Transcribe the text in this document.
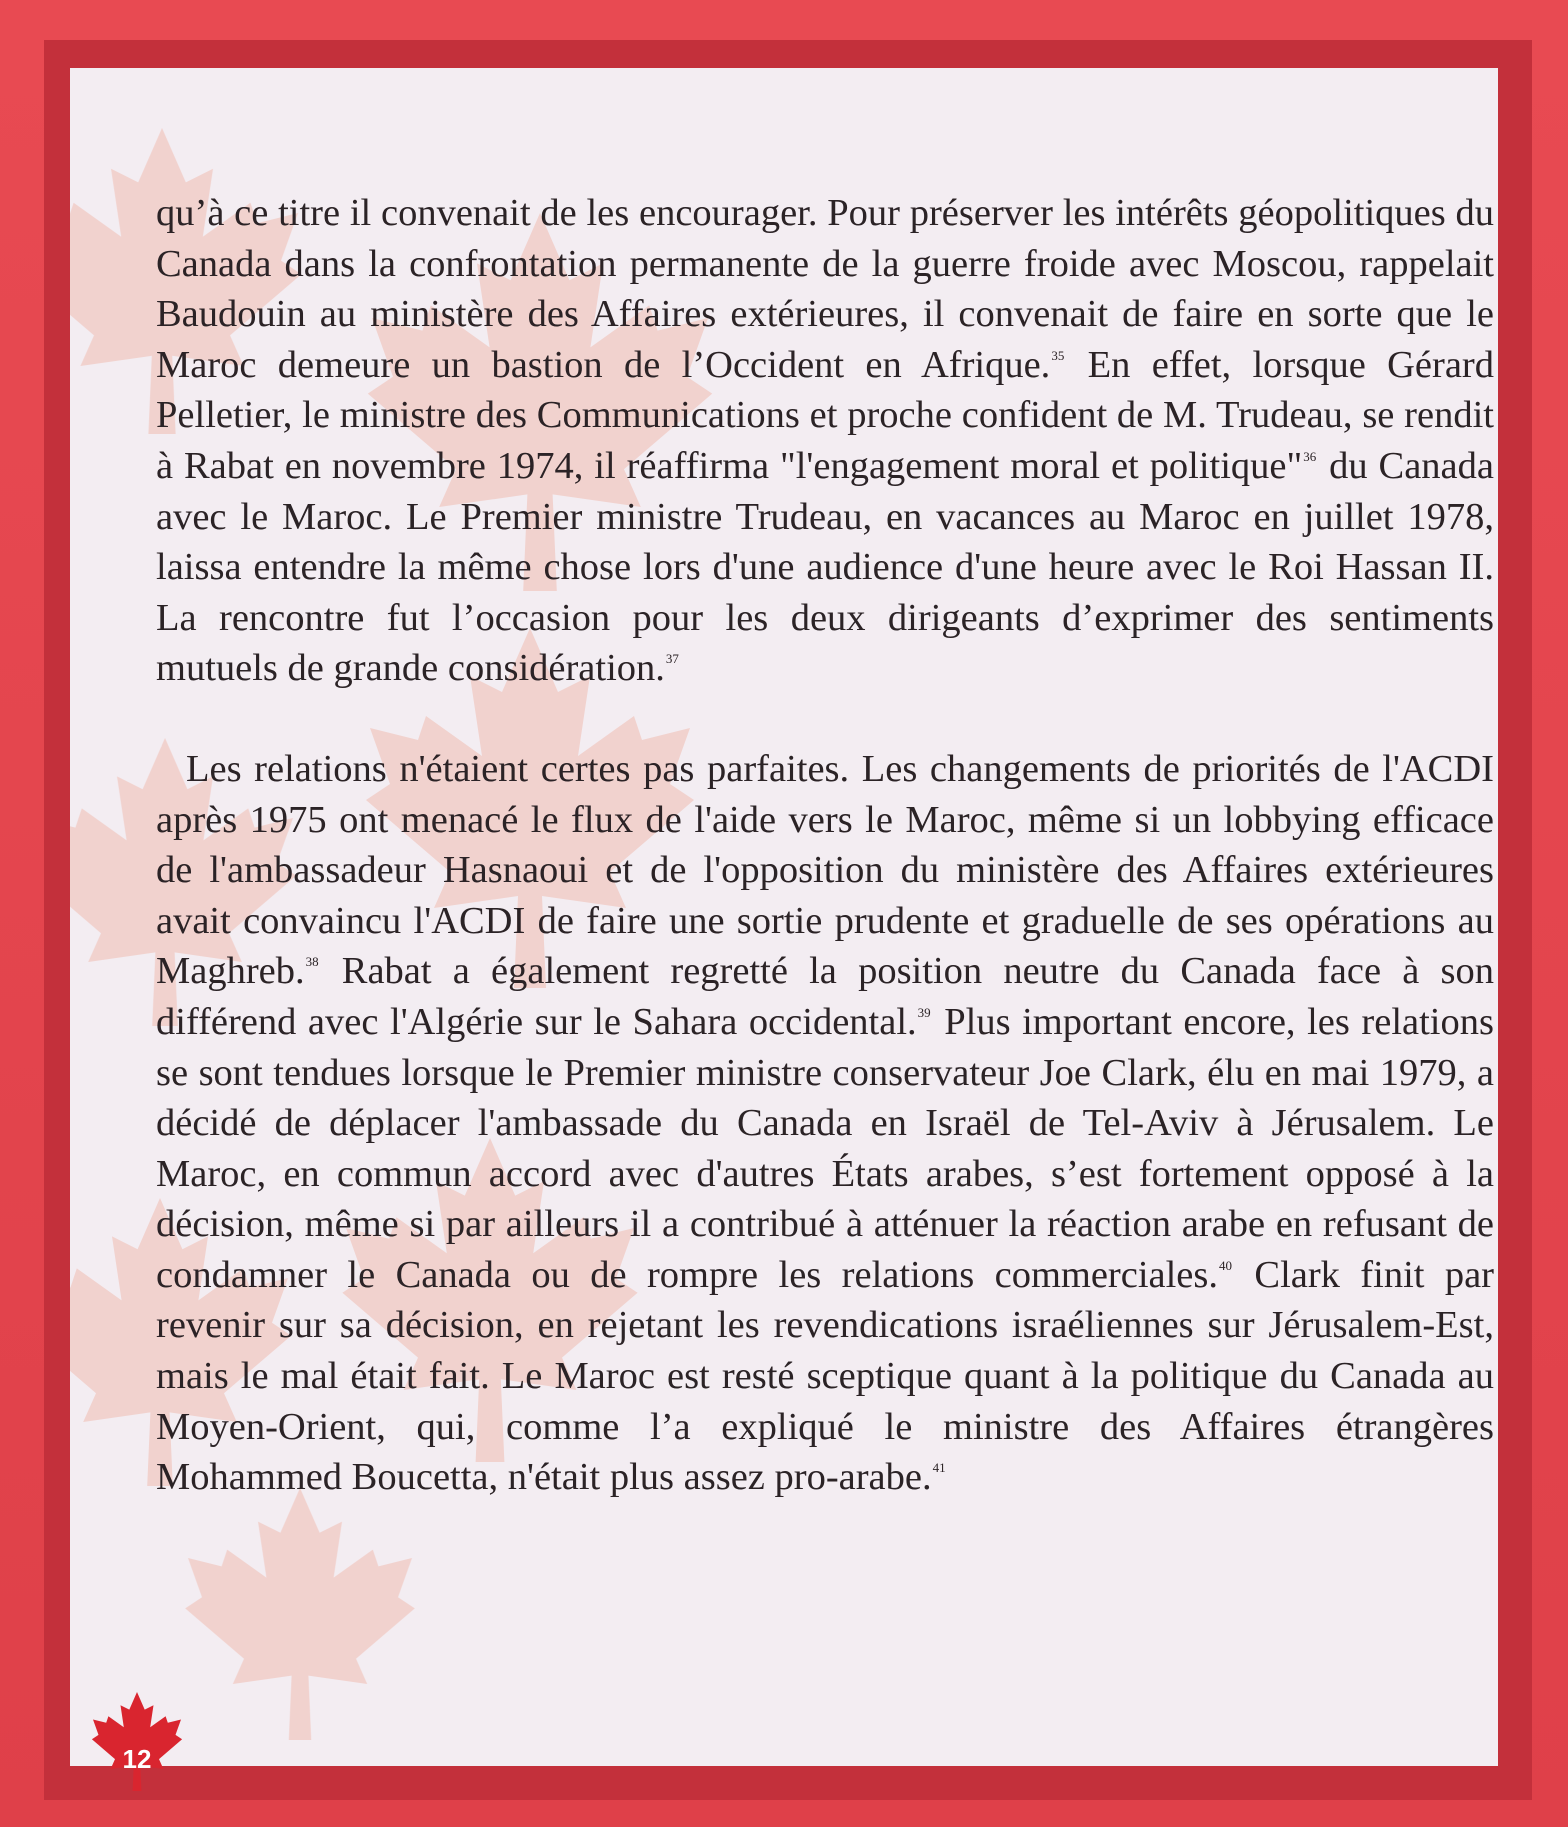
qu’à ce titre il convenait de les encourager. Pour préserver les intérêts géopolitiques du Canada dans la confrontation permanente de la guerre froide avec Moscou, rappelait Baudouin au ministère des Affaires extérieures, il convenait de faire en sorte que le Maroc demeure un bastion de l’Occident en Afrique.$^{35}$ En effet, lorsque Gérard Pelletier, le ministre des Communications et proche confident de M. Trudeau, se rendit à Rabat en novembre 1974, il réaffirma "l'engagement moral et politique"$^{36}$ du Canada avec le Maroc. Le Premier ministre Trudeau, en vacances au Maroc en juillet 1978, laissa entendre la même chose lors d'une audience d'une heure avec le Roi Hassan II. La rencontre fut l’occasion pour les deux dirigeants d’exprimer des sentiments mutuels de grande considération.$^{37}$

Les relations n'étaient certes pas parfaites. Les changements de priorités de l'ACDI après 1975 ont menacé le flux de l'aide vers le Maroc, même si un lobbying efficace de l'ambassadeur Hasnaoui et de l'opposition du ministère des Affaires extérieures avait convaincu l'ACDI de faire une sortie prudente et graduelle de ses opérations au Maghreb.$^{38}$ Rabat a également regretté la position neutre du Canada face à son différend avec l'Algérie sur le Sahara occidental.$^{39}$ Plus important encore, les relations se sont tendues lorsque le Premier ministre conservateur Joe Clark, élu en mai 1979, a décidé de déplacer l'ambassade du Canada en Israël de Tel-Aviv à Jérusalem. Le Maroc, en commun accord avec d'autres États arabes, s’est fortement opposé à la décision, même si par ailleurs il a contribué à atténuer la réaction arabe en refusant de condamner le Canada ou de rompre les relations commerciales.$^{40}$ Clark finit par revenir sur sa décision, en rejetant les revendications israéliennes sur Jérusalem-Est, mais le mal était fait. Le Maroc est resté sceptique quant à la politique du Canada au Moyen-Orient, qui, comme l’a expliqué le ministre des Affaires étrangères Mohammed Boucetta, n'était plus assez pro-arabe.$^{41}$

12
